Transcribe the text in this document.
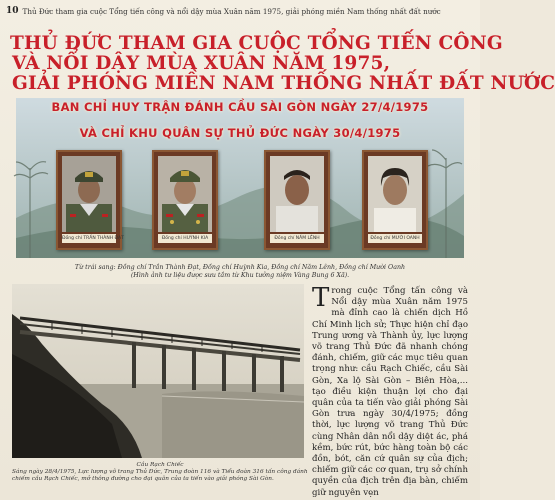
10 Thủ Đức tham gia cuộc Tổng tiến công và nổi dậy mùa Xuân năm 1975, giải phóng miền Nam thống nhất đất nước
THỦ ĐỨC THAM GIA CUỘC TỔNG TIẾN CÔNG
VÀ NỔI DẬY MÙA XUÂN NĂM 1975,
GIẢI PHÓNG MIỀN NAM THỐNG NHẤT ĐẤT NƯỚC
BAN CHỈ HUY TRẬN ĐÁNH CẦU SÀI GÒN NGÀY 27/4/1975
VÀ CHỈ KHU QUÂN SỰ THỦ ĐỨC NGÀY 30/4/1975
Đồng chí TRẦN THÀNH ĐẠT	Đồng chí HUỲNH KIA	Đồng chí NĂM LÊNH	Đồng chí MƯỜI OANH
Từ trái sang: Đồng chí Trần Thành Đạt, Đồng chí Huỳnh Kia, Đồng chí Năm Lênh, Đồng chí Mười Oanh
(Hình ảnh tư liệu được sưu tầm từ Khu tưởng niệm Vàng Bung 6 Xã).
Cầu Rạch Chiếc
Sáng ngày 28/4/1975, Lực lượng võ trang Thủ Đức, Trung đoàn 116 và Tiểu đoàn 316 tấn công đánh chiếm cầu Rạch Chiếc, mở thông đường cho đại quân của ta tiến vào giải phóng Sài Gòn.
T rong cuộc Tổng tấn công và Nổi dậy mùa Xuân năm 1975 mà đỉnh cao là chiến dịch Hồ Chí Minh lịch sử; Thực hiện chỉ đạo Trung ương và Thành ủy, lực lượng võ trang Thủ Đức đã nhanh chóng đánh, chiếm, giữ các mục tiêu quan trọng như: cầu Rạch Chiếc, cầu Sài Gòn, Xa lộ Sài Gòn – Biên Hòa,... tạo điều kiện thuận lợi cho đại quân của ta tiến vào giải phóng Sài Gòn trưa ngày 30/4/1975; đồng thời, lực lượng võ trang Thủ Đức cùng Nhân dân nổi dậy diệt ác, phá kềm, bức rút, bức hàng toàn bộ các đồn, bót, căn cứ quân sự của địch; chiếm giữ các cơ quan, trụ sở chính quyền của địch trên địa bàn, chiếm giữ nguyên vẹn
